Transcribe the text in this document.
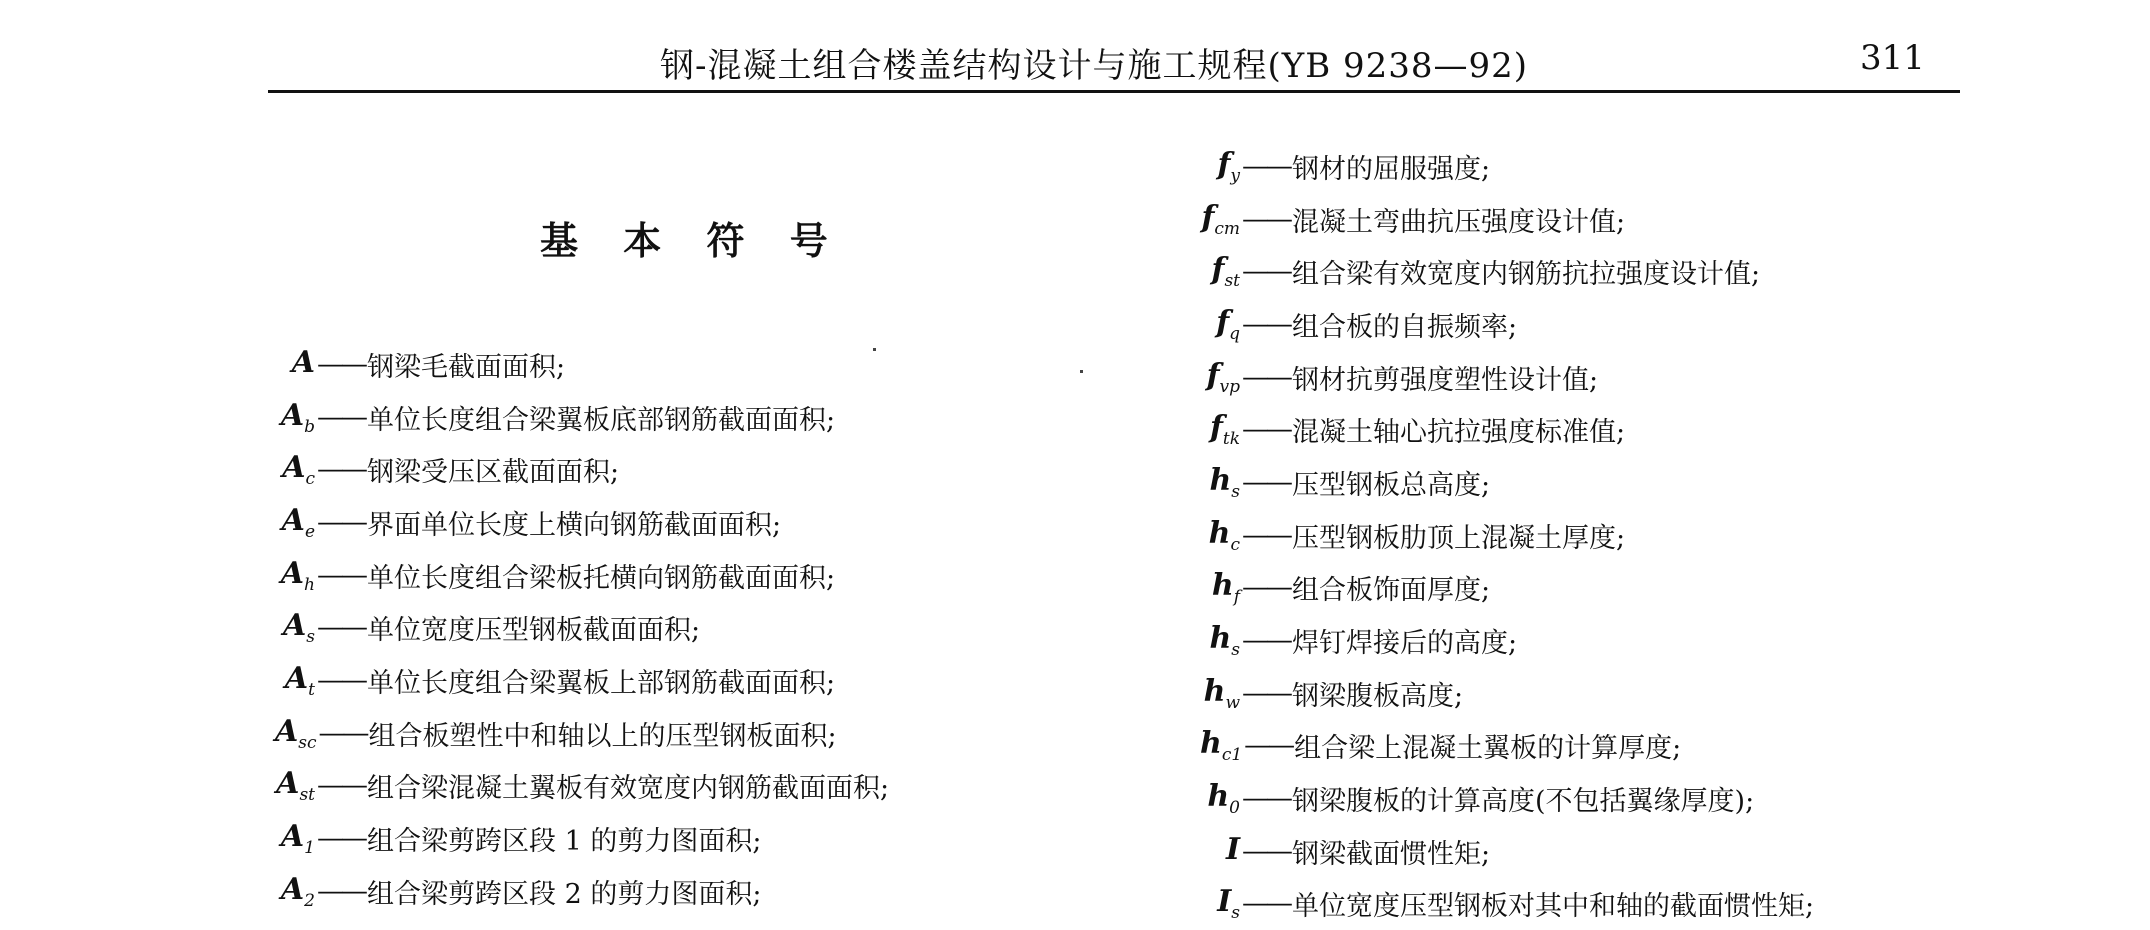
钢-混凝土组合楼盖结构设计与施工规程(YB 9238—92)	311
基 本 符 号
A —— 钢梁毛截面面积;
$A_b$ —— 单位长度组合梁翼板底部钢筋截面面积;
$A_c$ —— 钢梁受压区截面面积;
$A_e$ —— 界面单位长度上横向钢筋截面面积;
$A_h$ —— 单位长度组合梁板托横向钢筋截面面积;
$A_s$ —— 单位宽度压型钢板截面面积;
$A_t$ —— 单位长度组合梁翼板上部钢筋截面面积;
$A_{sc}$ —— 组合板塑性中和轴以上的压型钢板面积;
$A_{st}$ —— 组合梁混凝土翼板有效宽度内钢筋截面面积;
$A_1$ —— 组合梁剪跨区段 1 的剪力图面积;
$A_2$ —— 组合梁剪跨区段 2 的剪力图面积;
$f_y$ —— 钢材的屈服强度;
$f_{cm}$ —— 混凝土弯曲抗压强度设计值;
$f_{st}$ —— 组合梁有效宽度内钢筋抗拉强度设计值;
$f_q$ —— 组合板的自振频率;
$f_{vp}$ —— 钢材抗剪强度塑性设计值;
$f_{tk}$ —— 混凝土轴心抗拉强度标准值;
$h_s$ —— 压型钢板总高度;
$h_c$ —— 压型钢板肋顶上混凝土厚度;
$h_f$ —— 组合板饰面厚度;
$h_s$ —— 焊钉焊接后的高度;
$h_w$ —— 钢梁腹板高度;
$h_{c1}$ —— 组合梁上混凝土翼板的计算厚度;
$h_0$ —— 钢梁腹板的计算高度(不包括翼缘厚度);
I —— 钢梁截面惯性矩;
$I_s$ —— 单位宽度压型钢板对其中和轴的截面惯性矩;
